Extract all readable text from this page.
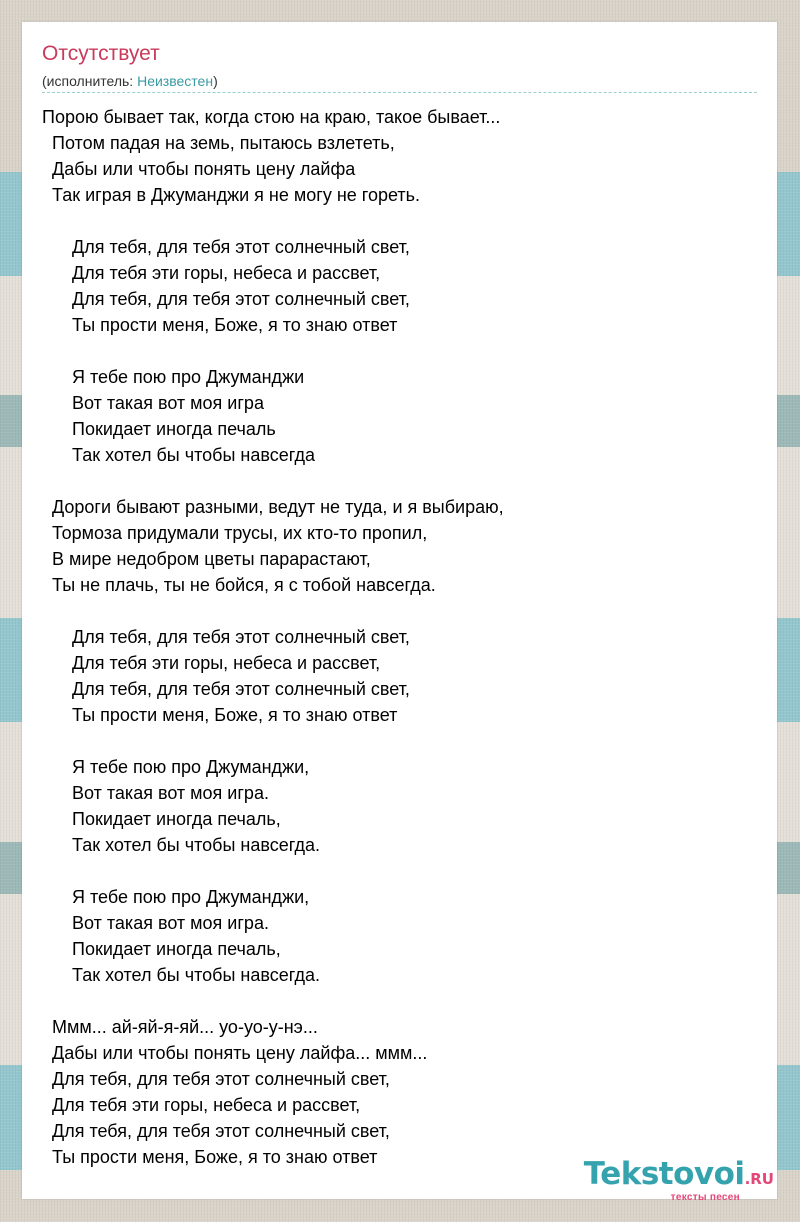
Отсутствует
(исполнитель: Неизвестен)
Порою бывает так, когда стою на краю, такое бывает...
Потом падая на земь, пытаюсь взлететь,
Дабы или чтобы понять цену лайфа
Так играя в Джуманджи я не могу не гореть.

Для тебя, для тебя этот солнечный свет,
Для тебя эти горы, небеса и рассвет,
Для тебя, для тебя этот солнечный свет,
Ты прости меня, Боже, я то знаю ответ

Я тебе пою про Джуманджи
Вот такая вот моя игра
Покидает иногда печаль
Так хотел бы чтобы навсегда

Дороги бывают разными, ведут не туда, и я выбираю,
Тормоза придумали трусы, их кто-то пропил,
В мире недобром цветы парарастают,
Ты не плачь, ты не бойся, я с тобой навсегда.

Для тебя, для тебя этот солнечный свет,
Для тебя эти горы, небеса и рассвет,
Для тебя, для тебя этот солнечный свет,
Ты прости меня, Боже, я то знаю ответ

Я тебе пою про Джуманджи,
Вот такая вот моя игра.
Покидает иногда печаль,
Так хотел бы чтобы навсегда.

Я тебе пою про Джуманджи,
Вот такая вот моя игра.
Покидает иногда печаль,
Так хотел бы чтобы навсегда.

Ммм... ай-яй-я-яй... уо-уо-у-нэ...
Дабы или чтобы понять цену лайфа... ммм...
Для тебя, для тебя этот солнечный свет,
Для тебя эти горы, небеса и рассвет,
Для тебя, для тебя этот солнечный свет,
Ты прости меня, Боже, я то знаю ответ	Tekstovoi.RU
тексты песен
